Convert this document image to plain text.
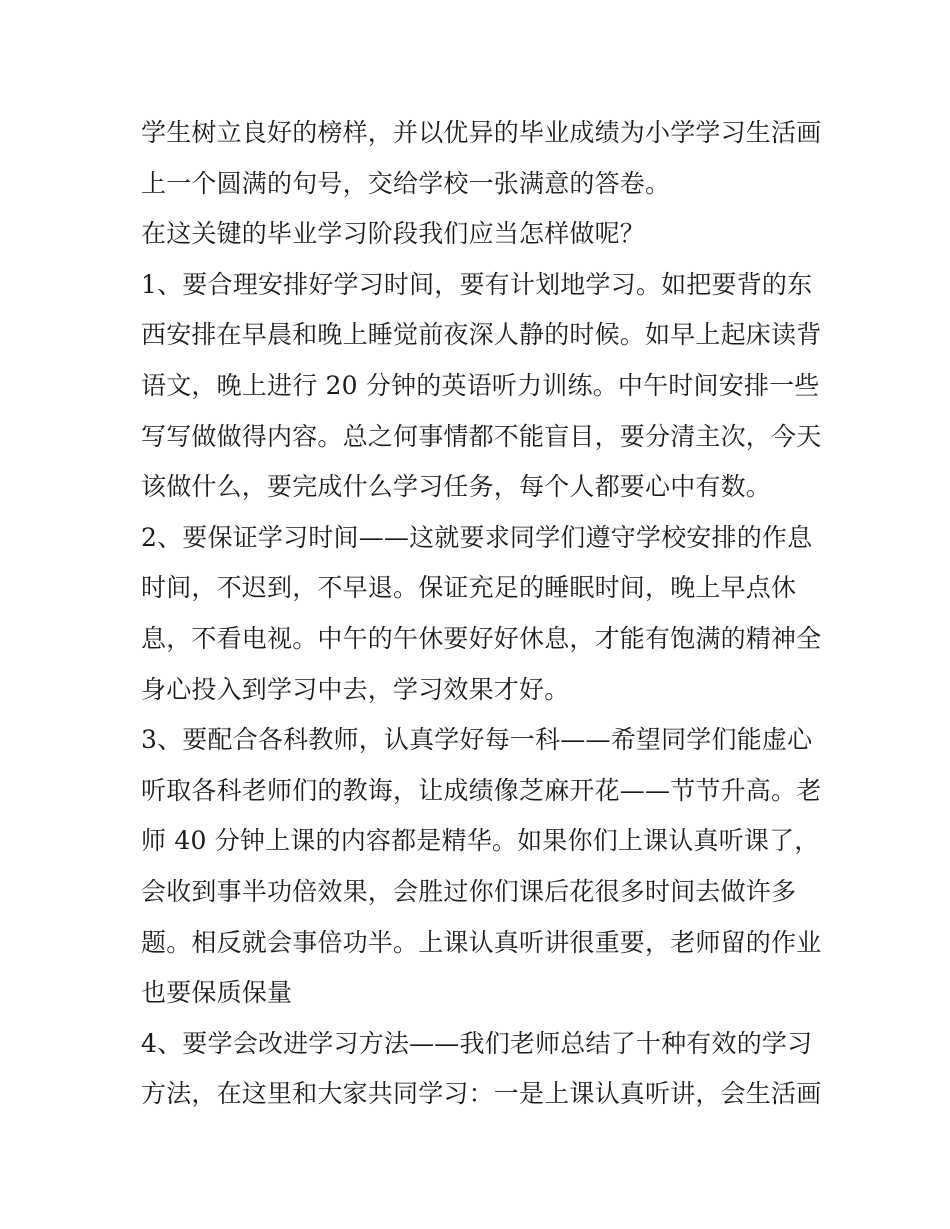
学生树立良好的榜样，并以优异的毕业成绩为小学学习生活画
上一个圆满的句号，交给学校一张满意的答卷。
在这关键的毕业学习阶段我们应当怎样做呢？
1、要合理安排好学习时间，要有计划地学习。如把要背的东
西安排在早晨和晚上睡觉前夜深人静的时候。如早上起床读背
语文，晚上进行 20 分钟的英语听力训练。中午时间安排一些
写写做做得内容。总之何事情都不能盲目，要分清主次，今天
该做什么，要完成什么学习任务，每个人都要心中有数。
2、要保证学习时间——这就要求同学们遵守学校安排的作息
时间，不迟到，不早退。保证充足的睡眠时间，晚上早点休
息，不看电视。中午的午休要好好休息，才能有饱满的精神全
身心投入到学习中去，学习效果才好。
3、要配合各科教师，认真学好每一科——希望同学们能虚心
听取各科老师们的教诲，让成绩像芝麻开花——节节升高。老
师 40 分钟上课的内容都是精华。如果你们上课认真听课了，
会收到事半功倍效果，会胜过你们课后花很多时间去做许多
题。相反就会事倍功半。上课认真听讲很重要，老师留的作业
也要保质保量
4、要学会改进学习方法——我们老师总结了十种有效的学习
方法，在这里和大家共同学习：一是上课认真听讲，会生活画
